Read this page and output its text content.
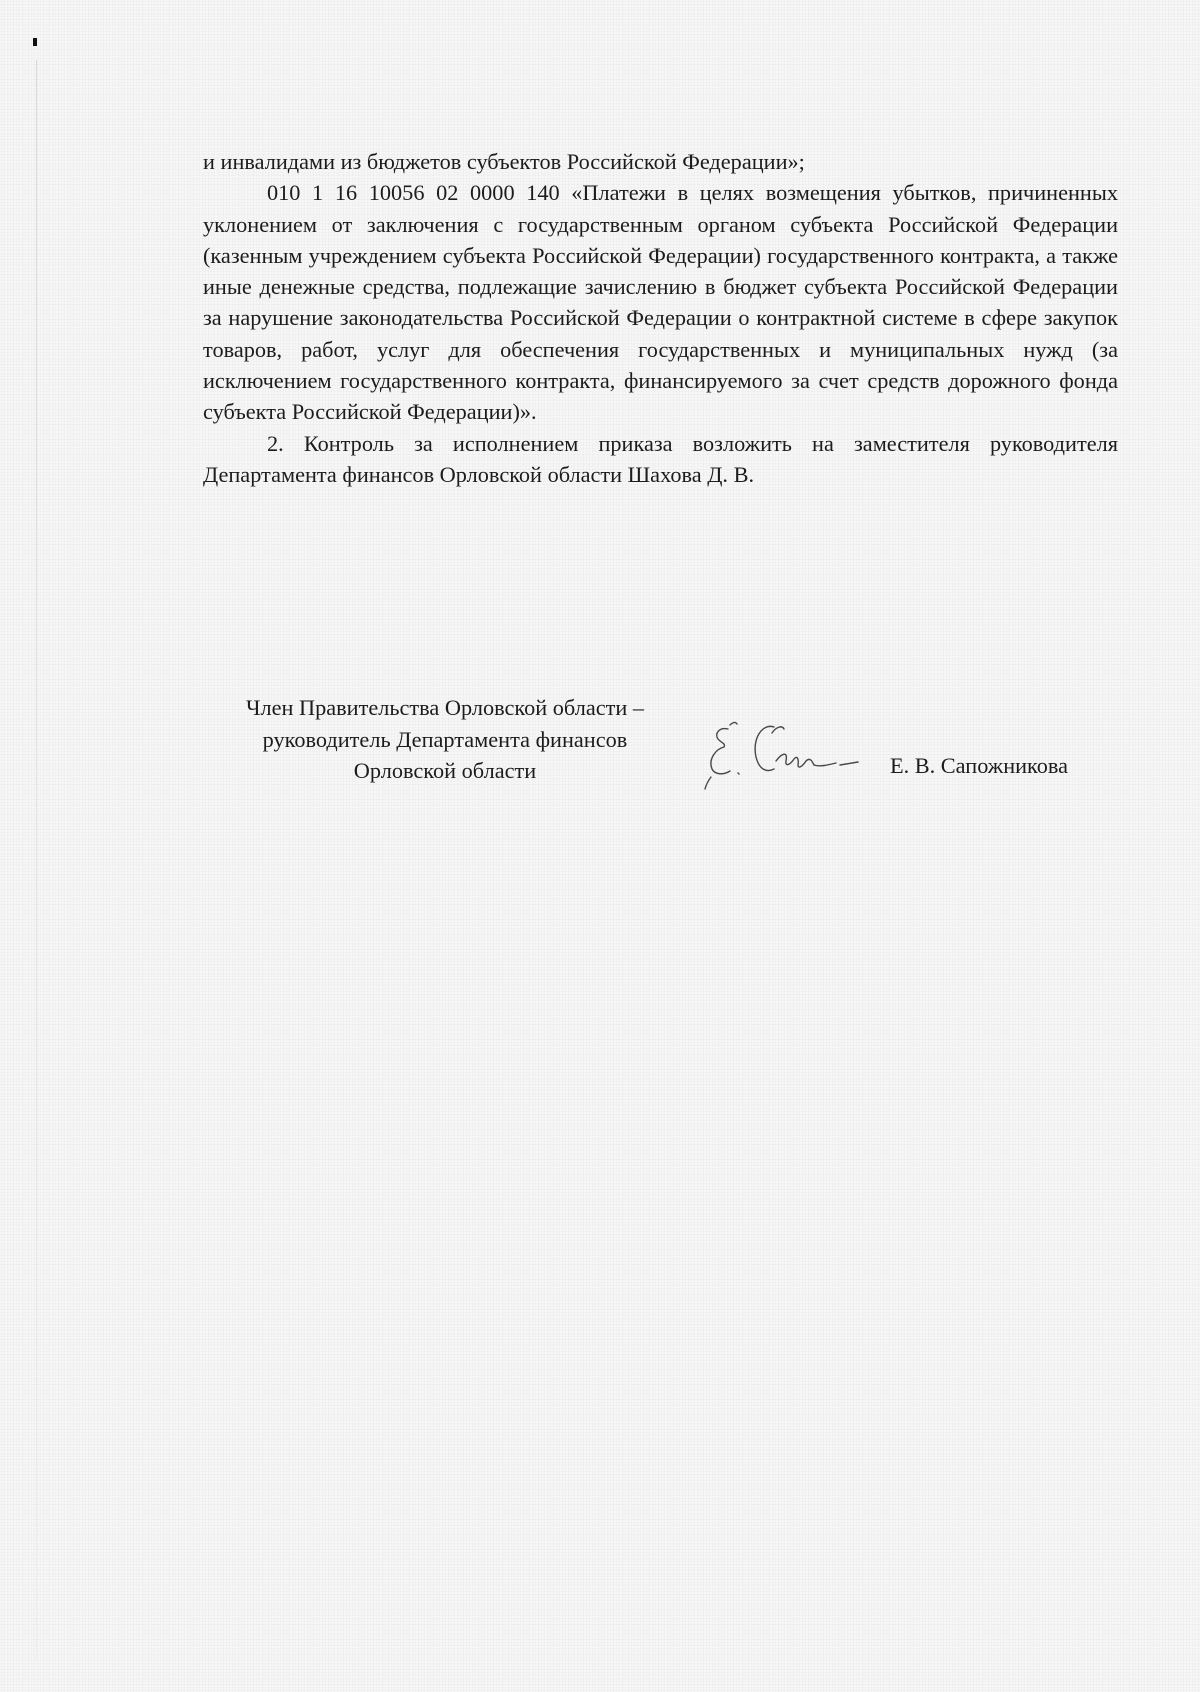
и инвалидами из бюджетов субъектов Российской Федерации»;

010 1 16 10056 02 0000 140 «Платежи в целях возмещения убытков, причиненных уклонением от заключения с государственным органом субъекта Российской Федерации (казенным учреждением субъекта Российской Федерации) государственного контракта, а также иные денежные средства, подлежащие зачислению в бюджет субъекта Российской Федерации за нарушение законодательства Российской Федерации о контрактной системе в сфере закупок товаров, работ, услуг для обеспечения государственных и муниципальных нужд (за исключением государственного контракта, финансируемого за счет средств дорожного фонда субъекта Российской Федерации)».

2. Контроль за исполнением приказа возложить на заместителя руководителя Департамента финансов Орловской области Шахова Д. В.

Член Правительства Орловской области –
руководитель Департамента финансов
Орловской области	Е. В. Сапожникова
